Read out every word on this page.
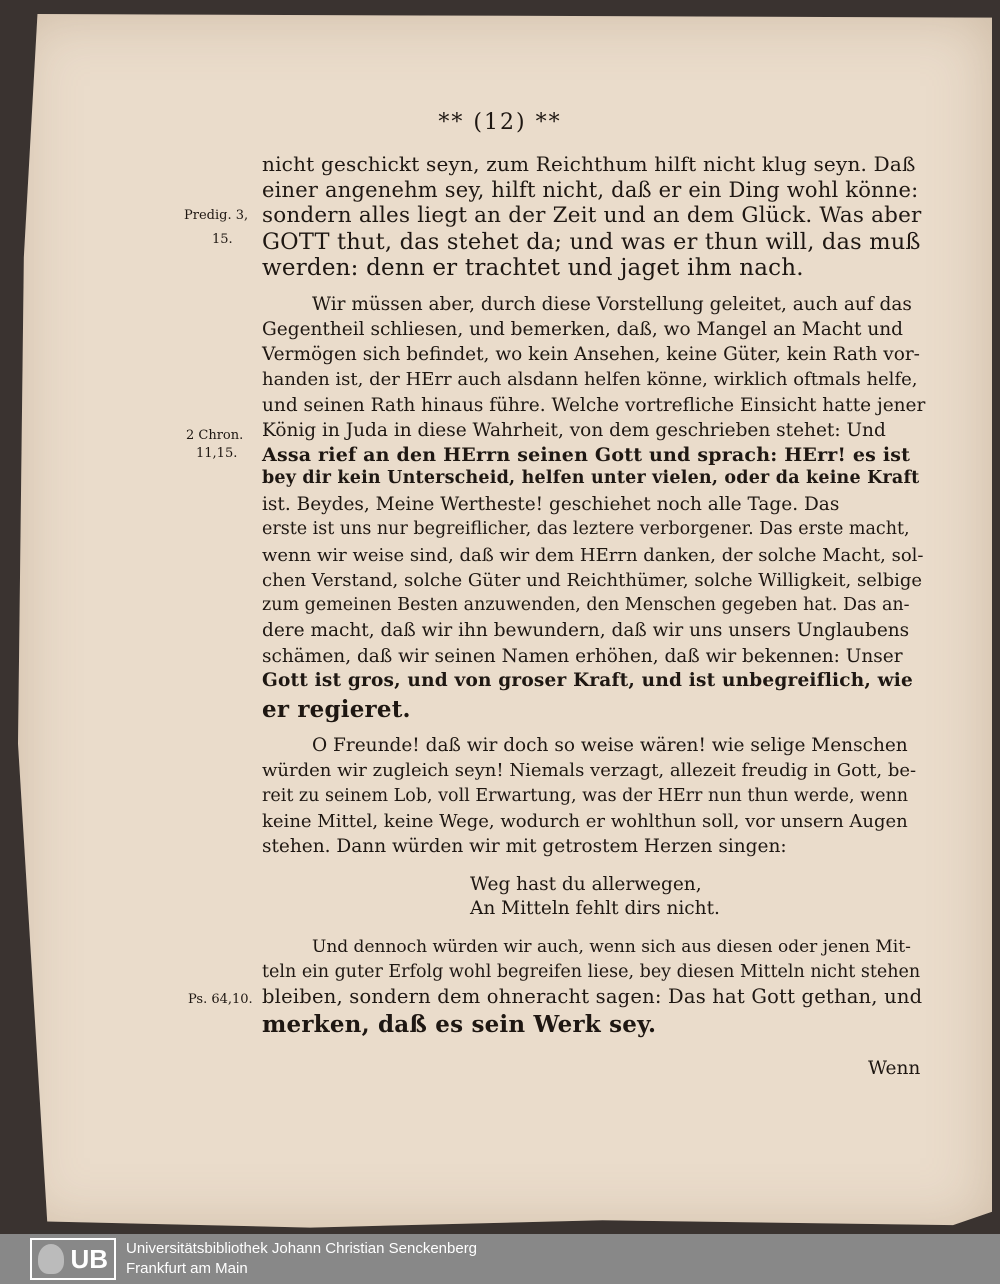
** (12) **
Predig. 3,
15.
2 Chron.
11,15.
Ps. 64,10.
nicht geschickt seyn, zum Reichthum hilft nicht klug seyn. Daß
einer angenehm sey, hilft nicht, daß er ein Ding wohl könne:
sondern alles liegt an der Zeit und an dem Glück. Was aber
GOTT thut, das stehet da; und was er thun will, das muß
werden: denn er trachtet und jaget ihm nach.
Wir müssen aber, durch diese Vorstellung geleitet, auch auf das
Gegentheil schliesen, und bemerken, daß, wo Mangel an Macht und
Vermögen sich befindet, wo kein Ansehen, keine Güter, kein Rath vor-
handen ist, der HErr auch alsdann helfen könne, wirklich oftmals helfe,
und seinen Rath hinaus führe. Welche vortrefliche Einsicht hatte jener
König in Juda in diese Wahrheit, von dem geschrieben stehet: Und
Assa rief an den HErrn seinen Gott und sprach: HErr! es ist
bey dir kein Unterscheid, helfen unter vielen, oder da keine Kraft
ist. Beydes, Meine Wertheste! geschiehet noch alle Tage. Das
erste ist uns nur begreiflicher, das leztere verborgener. Das erste macht,
wenn wir weise sind, daß wir dem HErrn danken, der solche Macht, sol-
chen Verstand, solche Güter und Reichthümer, solche Willigkeit, selbige
zum gemeinen Besten anzuwenden, den Menschen gegeben hat. Das an-
dere macht, daß wir ihn bewundern, daß wir uns unsers Unglaubens
schämen, daß wir seinen Namen erhöhen, daß wir bekennen: Unser
Gott ist gros, und von groser Kraft, und ist unbegreiflich, wie
er regieret.
O Freunde! daß wir doch so weise wären! wie selige Menschen
würden wir zugleich seyn! Niemals verzagt, allezeit freudig in Gott, be-
reit zu seinem Lob, voll Erwartung, was der HErr nun thun werde, wenn
keine Mittel, keine Wege, wodurch er wohlthun soll, vor unsern Augen
stehen. Dann würden wir mit getrostem Herzen singen:
Weg hast du allerwegen,
An Mitteln fehlt dirs nicht.
Und dennoch würden wir auch, wenn sich aus diesen oder jenen Mit-
teln ein guter Erfolg wohl begreifen liese, bey diesen Mitteln nicht stehen
bleiben, sondern dem ohneracht sagen: Das hat Gott gethan, und
merken, daß es sein Werk sey.
Wenn
UB	Universitätsbibliothek Johann Christian Senckenberg
Frankfurt am Main
